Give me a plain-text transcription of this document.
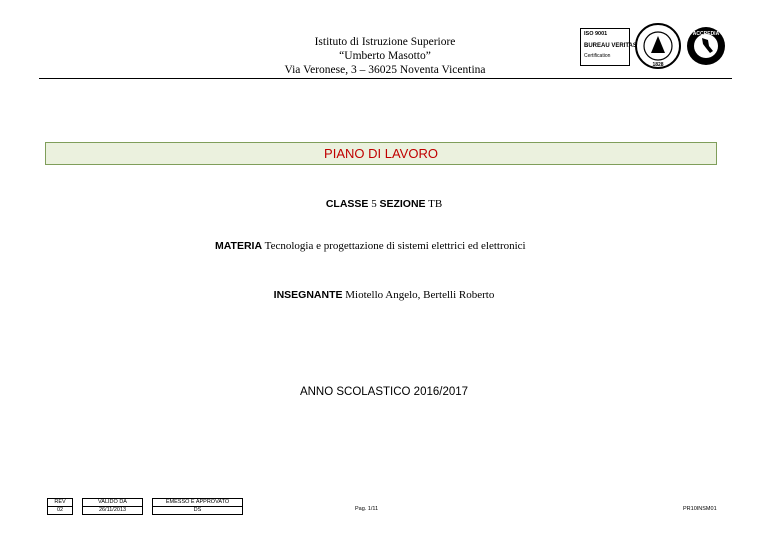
Istituto di Istruzione Superiore
“Umberto Masotto”
Via Veronese, 3 – 36025 Noventa Vicentina
ISO 9001
BUREAU VERITAS
Certification
1828
ACCREDIA
PIANO DI LAVORO
CLASSE 5 SEZIONE TB
MATERIA Tecnologia e progettazione di sistemi elettrici ed elettronici
INSEGNANTE Miotello Angelo, Bertelli Roberto
ANNO SCOLASTICO 2016/2017
REV		VALIDO DA		EMESSO E APPROVATO
02		26/11/2013		DS	Pag. 1/11	PR10INSM01
